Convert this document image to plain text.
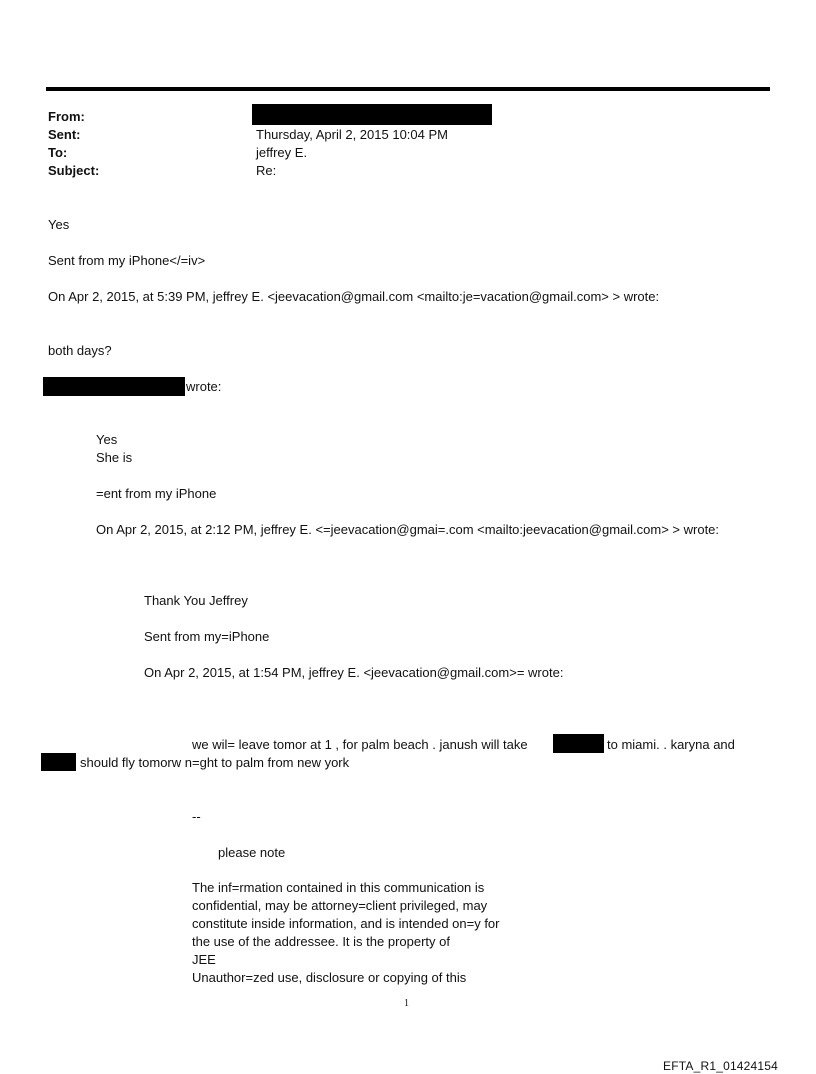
From:
Sent:
To:
Subject:
Thursday, April 2, 2015 10:04 PM
jeffrey E.
Re:
Yes
Sent from my iPhone</=iv>
On Apr 2, 2015, at 5:39 PM, jeffrey E. <jeevacation@gmail.com <mailto:je=vacation@gmail.com> > wrote:
both days?
wrote:
Yes
She is
=ent from my iPhone
On Apr 2, 2015, at 2:12 PM, jeffrey E. <=jeevacation@gmai=.com <mailto:jeevacation@gmail.com> > wrote:
Thank You Jeffrey
Sent from my=iPhone
On Apr 2, 2015, at 1:54 PM, jeffrey E. <jeevacation@gmail.com>= wrote:
we wil= leave tomor at 1 , for palm beach . janush will take	to miami. . karyna and
should fly tomorw n=ght to palm from new york
--
please note
The inf=rmation contained in this communication is
confidential, may be attorney=client privileged, may
constitute inside information, and is intended on=y for
the use of the addressee. It is the property of
JEE
Unauthor=zed use, disclosure or copying of this
1
EFTA_R1_01424154
